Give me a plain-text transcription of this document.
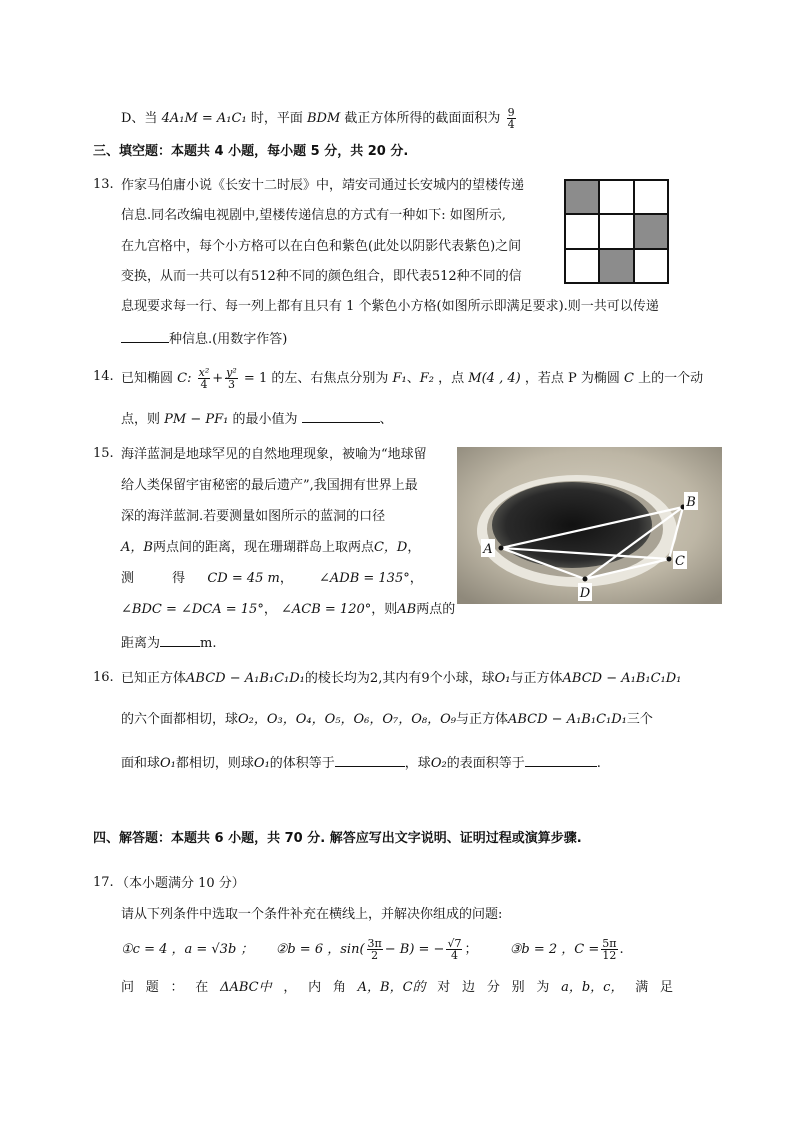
D、当 4A₁M = A₁C₁ 时，平面 BDM 截正方体所得的截面面积为 $\frac{9}{4}$
三、填空题：本题共 4 小题，每小题 5 分，共 20 分.
13. 作家马伯庸小说《长安十二时辰》中，靖安司通过长安城内的望楼传递
信息.同名改编电视剧中,望楼传递信息的方式有一种如下: 如图所示,
在九宫格中，每个小方格可以在白色和紫色(此处以阴影代表紫色)之间
变换，从而一共可以有512种不同的颜色组合，即代表512种不同的信
息现要求每一行、每一列上都有且只有 1 个紫色小方格(如图所示即满足要求).则一共可以传递
种信息.(用数字作答)
14. 已知椭圆 C: $\frac{\text{x²}}{4} + \frac{\text{y²}}{3} = 1$ 的左、右焦点分别为 F₁、F₂ ，点 M(4 , 4) ，若点 P 为椭圆 C 上的一个动
点，则 PM − PF₁ 的最小值为	、
15. 海洋蓝洞是地球罕见的自然地理现象，被喻为“地球留
给人类保留宇宙秘密的最后遗产”,我国拥有世界上最
深的海洋蓝洞.若要测量如图所示的蓝洞的口径
A，B两点间的距离，现在珊瑚群岛上取两点C，D，
测	得 CD = 45 m， ∠ADB = 135°，
∠BDC = ∠DCA = 15°， ∠ACB = 120°，则AB两点的
距离为	m.
A
B
C
D
16. 已知正方体ABCD − A₁B₁C₁D₁的棱长均为2,其内有9个小球，球O₁与正方体ABCD − A₁B₁C₁D₁
的六个面都相切，球O₂，O₃，O₄，O₅，O₆，O₇，O₈，O₉与正方体ABCD − A₁B₁C₁D₁三个
面和球O₁都相切，则球O₁的体积等于	，球O₂的表面积等于	.
四、解答题：本题共 6 小题，共 70 分. 解答应写出文字说明、证明过程或演算步骤.
17. （本小题满分 10 分）
请从下列条件中选取一个条件补充在横线上，并解决你组成的问题:
①c = 4 ，a = √3b ； ②b = 6 ，$\sin( \frac{3\pi}{2} - B)$ = − $\frac{√7}{4}$ ； ③b = 2 ，$C = \frac{5\pi}{12}$ .
问 题 ： 在 ΔABC中 ， 内 角 A，B，C的 对 边 分 别 为 a，b，c， 满 足
